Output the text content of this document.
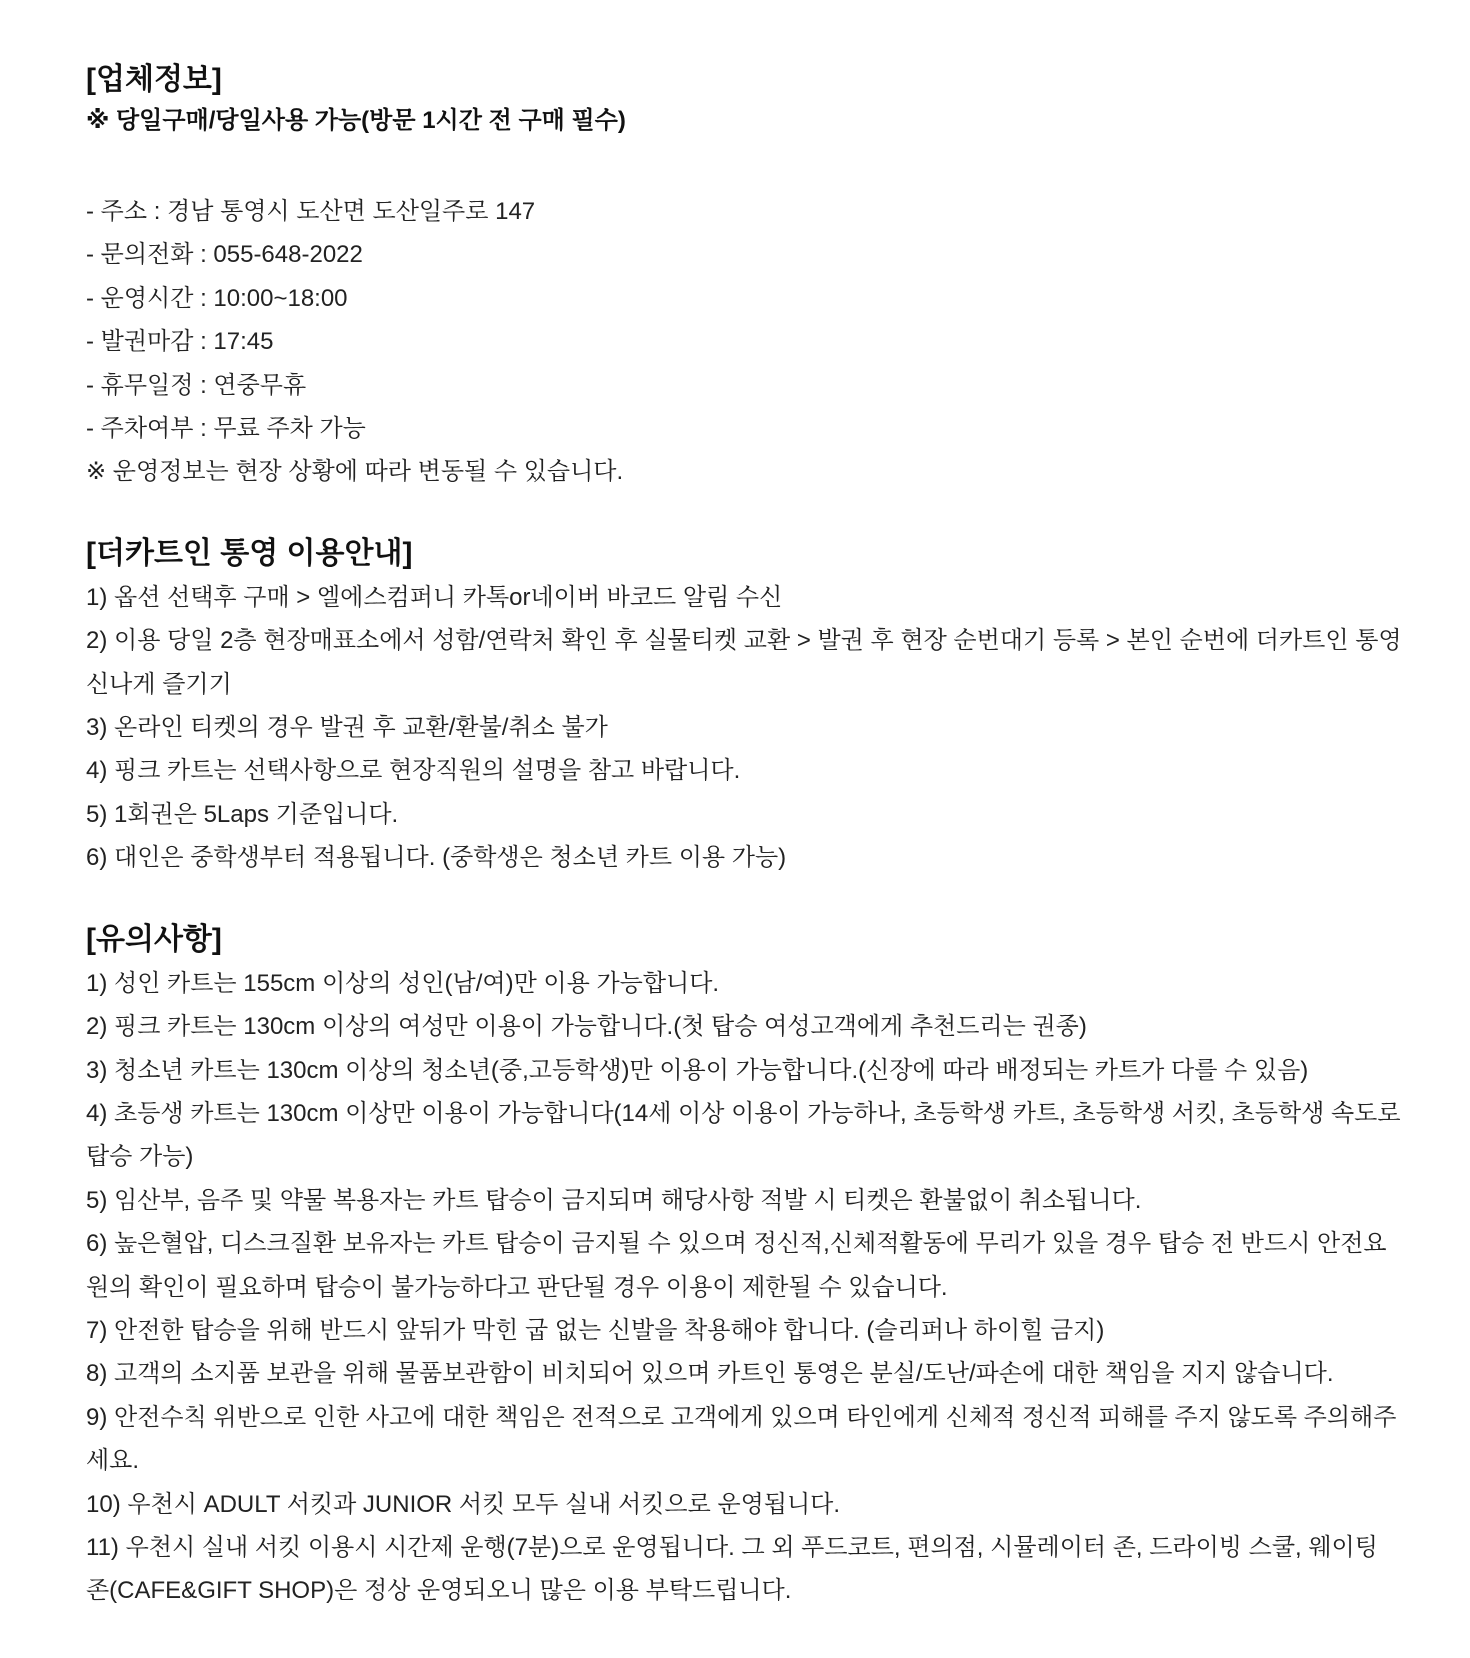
[업체정보]

※ 당일구매/당일사용 가능(방문 1시간 전 구매 필수)

- 주소 : 경남 통영시 도산면 도산일주로 147

- 문의전화 : 055-648-2022

- 운영시간 : 10:00~18:00

- 발권마감 : 17:45

- 휴무일정 : 연중무휴

- 주차여부 : 무료 주차 가능

※ 운영정보는 현장 상황에 따라 변동될 수 있습니다.

[더카트인 통영 이용안내]

1) 옵션 선택후 구매 > 엘에스컴퍼니 카톡or네이버 바코드 알림 수신

2) 이용 당일 2층 현장매표소에서 성함/연락처 확인 후 실물티켓 교환 > 발권 후 현장 순번대기 등록 > 본인 순번에 더카트인 통영 신나게 즐기기

3) 온라인 티켓의 경우 발권 후 교환/환불/취소 불가

4) 핑크 카트는 선택사항으로 현장직원의 설명을 참고 바랍니다.

5) 1회권은 5Laps 기준입니다.

6) 대인은 중학생부터 적용됩니다. (중학생은 청소년 카트 이용 가능)

[유의사항]

1) 성인 카트는 155cm 이상의 성인(남/여)만 이용 가능합니다.

2) 핑크 카트는 130cm 이상의 여성만 이용이 가능합니다.(첫 탑승 여성고객에게 추천드리는 권종)

3) 청소년 카트는 130cm 이상의 청소년(중,고등학생)만 이용이 가능합니다.(신장에 따라 배정되는 카트가 다를 수 있음)

4) 초등생 카트는 130cm 이상만 이용이 가능합니다(14세 이상 이용이 가능하나, 초등학생 카트, 초등학생 서킷, 초등학생 속도로 탑승 가능)

5) 임산부, 음주 및 약물 복용자는 카트 탑승이 금지되며 해당사항 적발 시 티켓은 환불없이 취소됩니다.

6) 높은혈압, 디스크질환 보유자는 카트 탑승이 금지될 수 있으며 정신적,신체적활동에 무리가 있을 경우 탑승 전 반드시 안전요원의 확인이 필요하며 탑승이 불가능하다고 판단될 경우 이용이 제한될 수 있습니다.

7) 안전한 탑승을 위해 반드시 앞뒤가 막힌 굽 없는 신발을 착용해야 합니다. (슬리퍼나 하이힐 금지)

8) 고객의 소지품 보관을 위해 물품보관함이 비치되어 있으며 카트인 통영은 분실/도난/파손에 대한 책임을 지지 않습니다.

9) 안전수칙 위반으로 인한 사고에 대한 책임은 전적으로 고객에게 있으며 타인에게 신체적 정신적 피해를 주지 않도록 주의해주세요.

10) 우천시 ADULT 서킷과 JUNIOR 서킷 모두 실내 서킷으로 운영됩니다.

11) 우천시 실내 서킷 이용시 시간제 운행(7분)으로 운영됩니다. 그 외 푸드코트, 편의점, 시뮬레이터 존, 드라이빙 스쿨, 웨이팅 존(CAFE&GIFT SHOP)은 정상 운영되오니 많은 이용 부탁드립니다.
